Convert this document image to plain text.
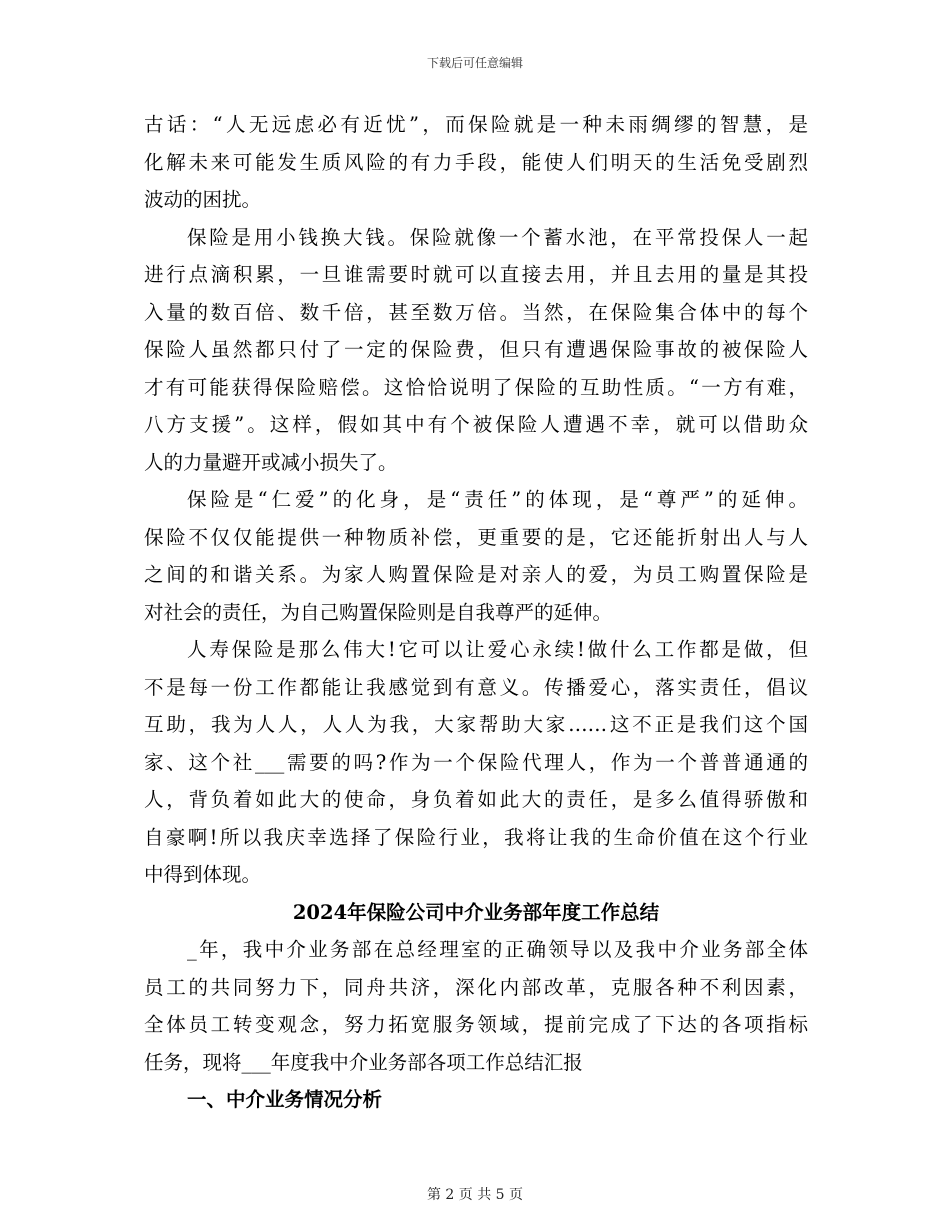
下载后可任意编辑
古话：“人无远虑必有近忧”，而保险就是一种未雨绸缪的智慧，是
化解未来可能发生质风险的有力手段，能使人们明天的生活免受剧烈
波动的困扰。
保险是用小钱换大钱。保险就像一个蓄水池，在平常投保人一起
进行点滴积累，一旦谁需要时就可以直接去用，并且去用的量是其投
入量的数百倍、数千倍，甚至数万倍。当然，在保险集合体中的每个
保险人虽然都只付了一定的保险费，但只有遭遇保险事故的被保险人
才有可能获得保险赔偿。这恰恰说明了保险的互助性质。“一方有难，
八方支援”。这样，假如其中有个被保险人遭遇不幸，就可以借助众
人的力量避开或减小损失了。
保险是“仁爱”的化身，是“责任”的体现，是“尊严”的延伸。
保险不仅仅能提供一种物质补偿，更重要的是，它还能折射出人与人
之间的和谐关系。为家人购置保险是对亲人的爱，为员工购置保险是
对社会的责任，为自己购置保险则是自我尊严的延伸。
人寿保险是那么伟大!它可以让爱心永续!做什么工作都是做，但
不是每一份工作都能让我感觉到有意义。传播爱心，落实责任，倡议
互助，我为人人，人人为我，大家帮助大家……这不正是我们这个国
家、这个社___需要的吗?作为一个保险代理人，作为一个普普通通的
人，背负着如此大的使命，身负着如此大的责任，是多么值得骄傲和
自豪啊!所以我庆幸选择了保险行业，我将让我的生命价值在这个行业
中得到体现。
2024年保险公司中介业务部年度工作总结
_年，我中介业务部在总经理室的正确领导以及我中介业务部全体
员工的共同努力下，同舟共济，深化内部改革，克服各种不利因素，
全体员工转变观念，努力拓宽服务领域，提前完成了下达的各项指标
任务，现将___年度我中介业务部各项工作总结汇报
一、中介业务情况分析
第 2 页 共 5 页
